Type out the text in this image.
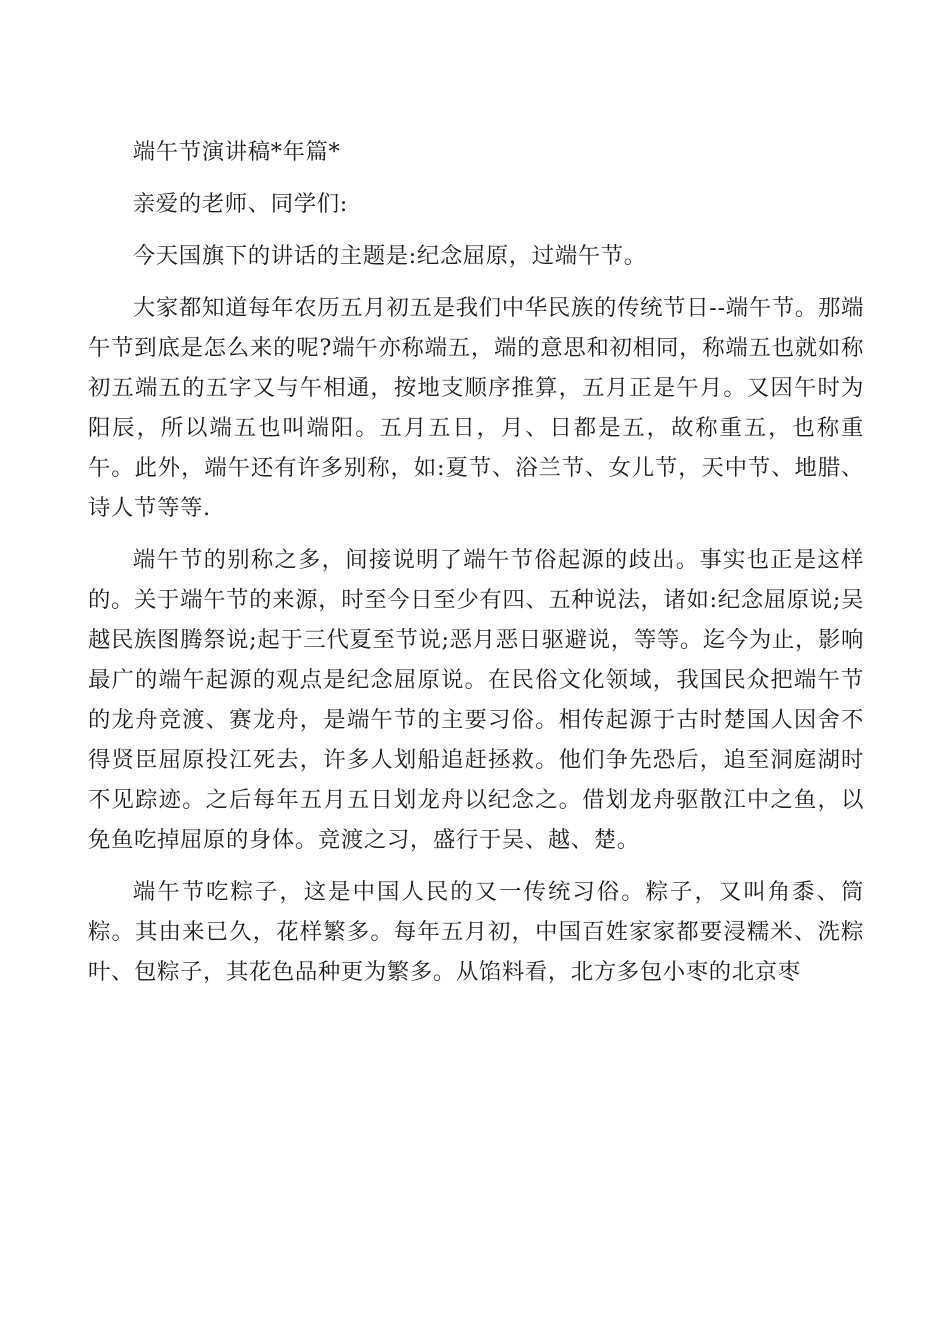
端午节演讲稿*年篇*

亲爱的老师、同学们:

今天国旗下的讲话的主题是:纪念屈原，过端午节。

大家都知道每年农历五月初五是我们中华民族的传统节日--端午节。那端午节到底是怎么来的呢?端午亦称端五，端的意思和初相同，称端五也就如称初五端五的五字又与午相通，按地支顺序推算，五月正是午月。又因午时为阳辰，所以端五也叫端阳。五月五日，月、日都是五，故称重五，也称重午。此外，端午还有许多别称，如:夏节、浴兰节、女儿节，天中节、地腊、诗人节等等.

端午节的别称之多，间接说明了端午节俗起源的歧出。事实也正是这样的。关于端午节的来源，时至今日至少有四、五种说法，诸如:纪念屈原说;吴越民族图腾祭说;起于三代夏至节说;恶月恶日驱避说，等等。迄今为止，影响最广的端午起源的观点是纪念屈原说。在民俗文化领域，我国民众把端午节的龙舟竞渡、赛龙舟，是端午节的主要习俗。相传起源于古时楚国人因舍不得贤臣屈原投江死去，许多人划船追赶拯救。他们争先恐后，追至洞庭湖时不见踪迹。之后每年五月五日划龙舟以纪念之。借划龙舟驱散江中之鱼，以免鱼吃掉屈原的身体。竞渡之习，盛行于吴、越、楚。

端午节吃粽子，这是中国人民的又一传统习俗。粽子，又叫角黍、筒粽。其由来已久，花样繁多。每年五月初，中国百姓家家都要浸糯米、洗粽叶、包粽子，其花色品种更为繁多。从馅料看，北方多包小枣的北京枣
